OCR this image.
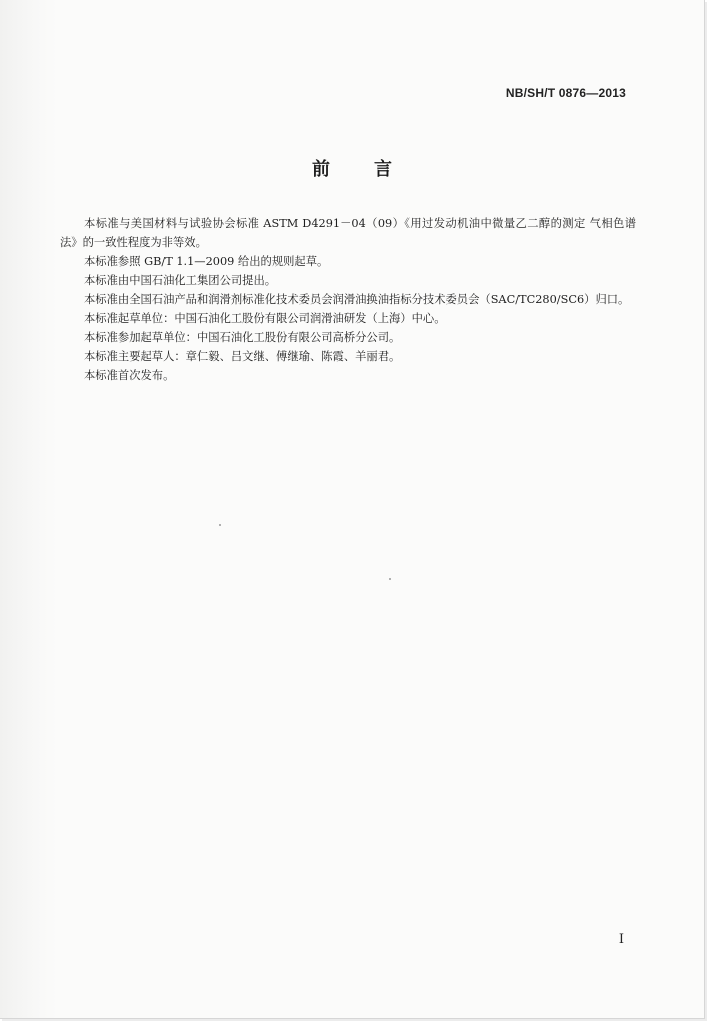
NB/SH/T 0876—2013
前言

本标准与美国材料与试验协会标准 ASTM D4291－04（09）《用过发动机油中微量乙二醇的测定 气相色谱法》的一致性程度为非等效。

本标准参照 GB/T 1.1—2009 给出的规则起草。

本标准由中国石油化工集团公司提出。

本标准由全国石油产品和润滑剂标准化技术委员会润滑油换油指标分技术委员会（SAC/TC280/SC6）归口。

本标准起草单位：中国石油化工股份有限公司润滑油研发（上海）中心。

本标准参加起草单位：中国石油化工股份有限公司高桥分公司。

本标准主要起草人：章仁毅、吕文继、傅继瑜、陈霞、羊丽君。

本标准首次发布。

I
